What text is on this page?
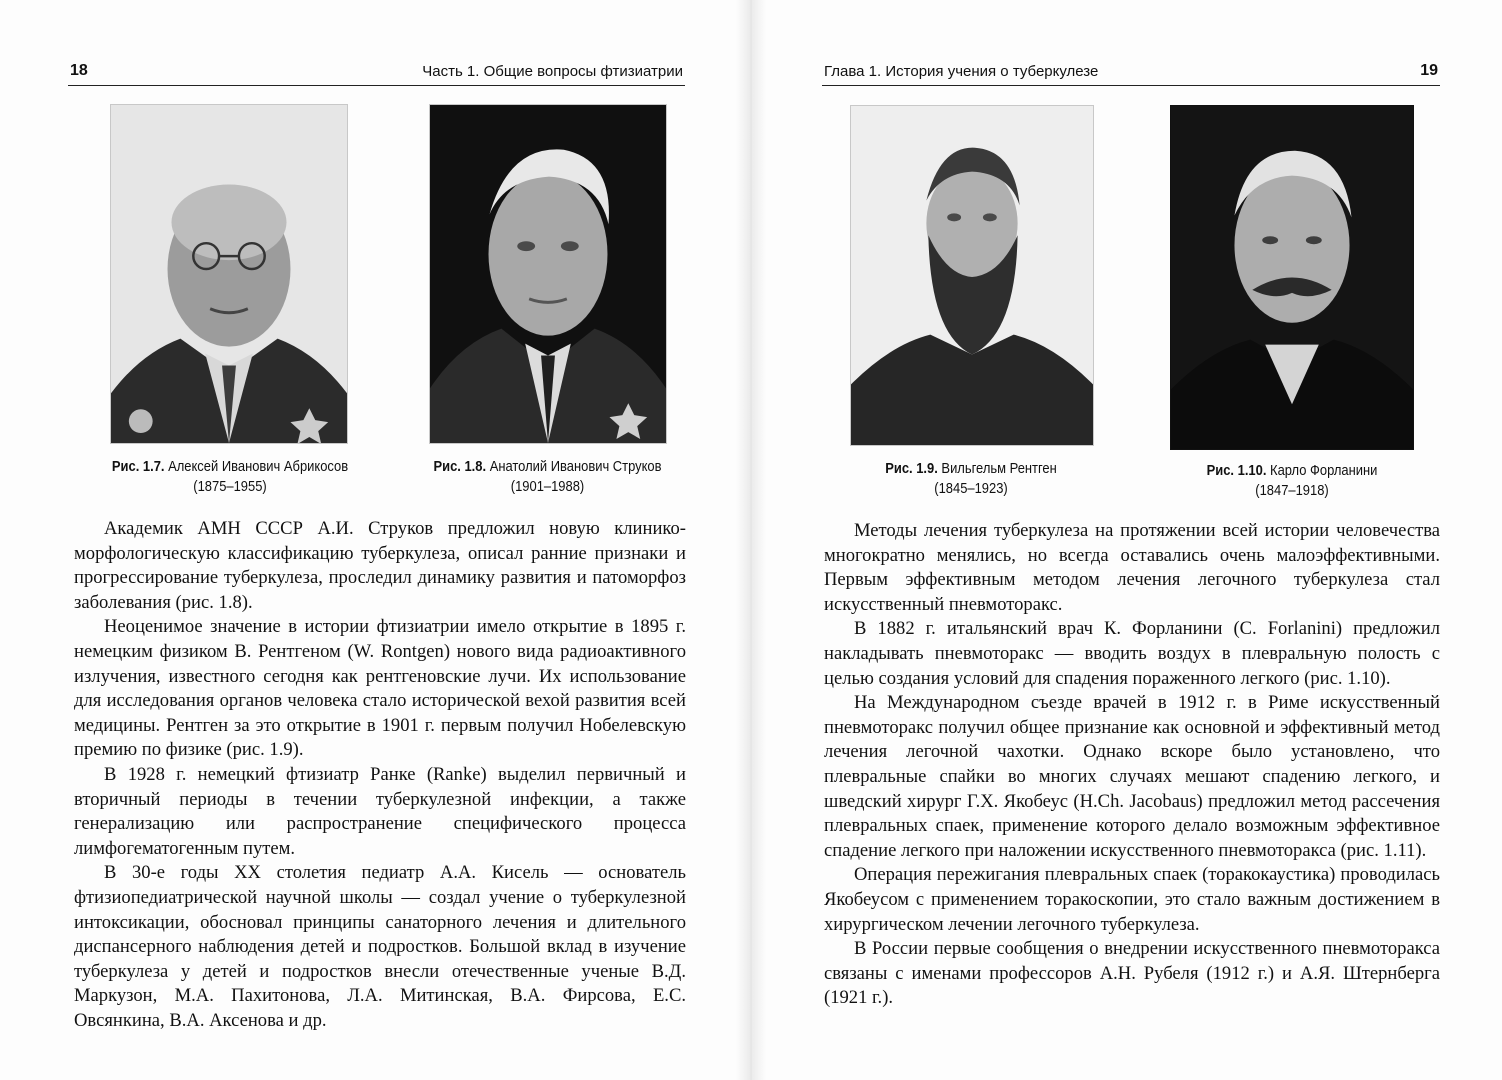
18	Часть 1. Общие вопросы фтизиатрии
Рис. 1.7. Алексей Иванович Абрикосов
(1875–1955)
Рис. 1.8. Анатолий Иванович Струков
(1901–1988)

Академик АМН СССР А.И. Струков предложил новую клинико-морфологическую классификацию туберкулеза, описал ранние признаки и прогрессирование туберкулеза, проследил динамику развития и патоморфоз заболевания (рис. 1.8).

Неоценимое значение в истории фтизиатрии имело открытие в 1895 г. немецким физиком В. Рентгеном (W. Rontgen) нового вида радиоактивного излучения, известного сегодня как рентгеновские лучи. Их использование для исследования органов человека стало исторической вехой развития всей медицины. Рентген за это открытие в 1901 г. первым получил Нобелевскую премию по физике (рис. 1.9).

В 1928 г. немецкий фтизиатр Ранке (Ranke) выделил первичный и вторичный периоды в течении туберкулезной инфекции, а также генерализацию или распространение специфического процесса лимфогематогенным путем.

В 30-е годы XX столетия педиатр А.А. Кисель — основатель фтизиопедиатрической научной школы — создал учение о туберкулезной интоксикации, обосновал принципы санаторного лечения и длительного диспансерного наблюдения детей и подростков. Большой вклад в изучение туберкулеза у детей и подростков внесли отечественные ученые В.Д. Маркузон, М.А. Пахитонова, Л.А. Митинская, В.А. Фирсова, Е.С. Овсянкина, В.А. Аксенова и др.

Глава 1. История учения о туберкулезе	19
Рис. 1.9. Вильгельм Рентген
(1845–1923)
Рис. 1.10. Карло Форланини
(1847–1918)

Методы лечения туберкулеза на протяжении всей истории человечества многократно менялись, но всегда оставались очень малоэффективными. Первым эффективным методом лечения легочного туберкулеза стал искусственный пневмоторакс.

В 1882 г. итальянский врач К. Форланини (C. Forlanini) предложил накладывать пневмоторакс — вводить воздух в плевральную полость с целью создания условий для спадения пораженного легкого (рис. 1.10).

На Международном съезде врачей в 1912 г. в Риме искусственный пневмоторакс получил общее признание как основной и эффективный метод лечения легочной чахотки. Однако вскоре было установлено, что плевральные спайки во многих случаях мешают спадению легкого, и шведский хирург Г.Х. Якобеус (H.Ch. Jacobaus) предложил метод рассечения плевральных спаек, применение которого делало возможным эффективное спадение легкого при наложении искусственного пневмоторакса (рис. 1.11).

Операция пережигания плевральных спаек (торакокаустика) проводилась Якобеусом с применением торакоскопии, это стало важным достижением в хирургическом лечении легочного туберкулеза.

В России первые сообщения о внедрении искусственного пневмоторакса связаны с именами профессоров А.Н. Рубеля (1912 г.) и А.Я. Штернберга (1921 г.).
